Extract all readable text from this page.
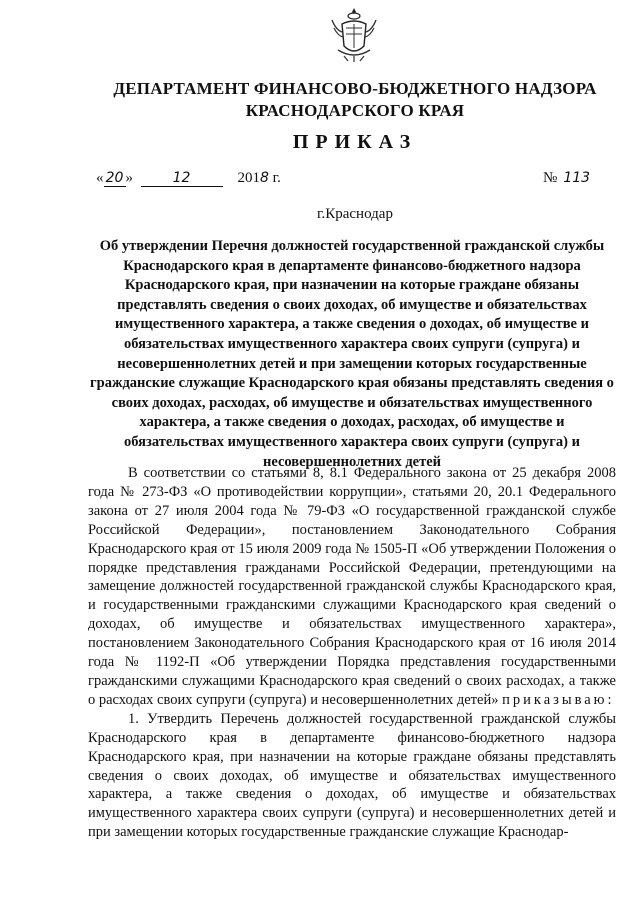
ДЕПАРТАМЕНТ ФИНАНСОВО-БЮДЖЕТНОГО НАДЗОРА
КРАСНОДАРСКОГО КРАЯ
ПРИКАЗ
« 20 »	12	2018 г.	№ 113
г.Краснодар
Об утверждении Перечня должностей государственной гражданской службы Краснодарского края в департаменте финансово-бюджетного надзора Краснодарского края, при назначении на которые граждане обязаны представлять сведения о своих доходах, об имуществе и обязательствах имущественного характера, а также сведения о доходах, об имуществе и обязательствах имущественного характера своих супруги (супруга) и несовершеннолетних детей и при замещении которых государственные гражданские служащие Краснодарского края обязаны представлять сведения о своих доходах, расходах, об имуществе и обязательствах имущественного характера, а также сведения о доходах, расходах, об имуществе и обязательствах имущественного характера своих супруги (супруга) и несовершеннолетних детей

В соответствии со статьями 8, 8.1 Федерального закона от 25 декабря 2008 года № 273-ФЗ «О противодействии коррупции», статьями 20, 20.1 Федерального закона от 27 июля 2004 года № 79-ФЗ «О государственной гражданской службе Российской Федерации», постановлением Законодательного Собрания Краснодарского края от 15 июля 2009 года № 1505-П «Об утверждении Положения о порядке представления гражданами Российской Федерации, претендующими на замещение должностей государственной гражданской службы Краснодарского края, и государственными гражданскими служащими Краснодарского края сведений о доходах, об имуществе и обязательствах имущественного характера», постановлением Законодательного Собрания Краснодарского края от 16 июля 2014 года № 1192-П «Об утверждении Порядка представления государственными гражданскими служащими Краснодарского края сведений о своих расходах, а также о расходах своих супруги (супруга) и несовершеннолетних детей» приказываю:

1. Утвердить Перечень должностей государственной гражданской службы Краснодарского края в департаменте финансово-бюджетного надзора Краснодарского края, при назначении на которые граждане обязаны представлять сведения о своих доходах, об имуществе и обязательствах имущественного характера, а также сведения о доходах, об имуществе и обязательствах имущественного характера своих супруги (супруга) и несовершеннолетних детей и при замещении которых государственные гражданские служащие Краснодар-
